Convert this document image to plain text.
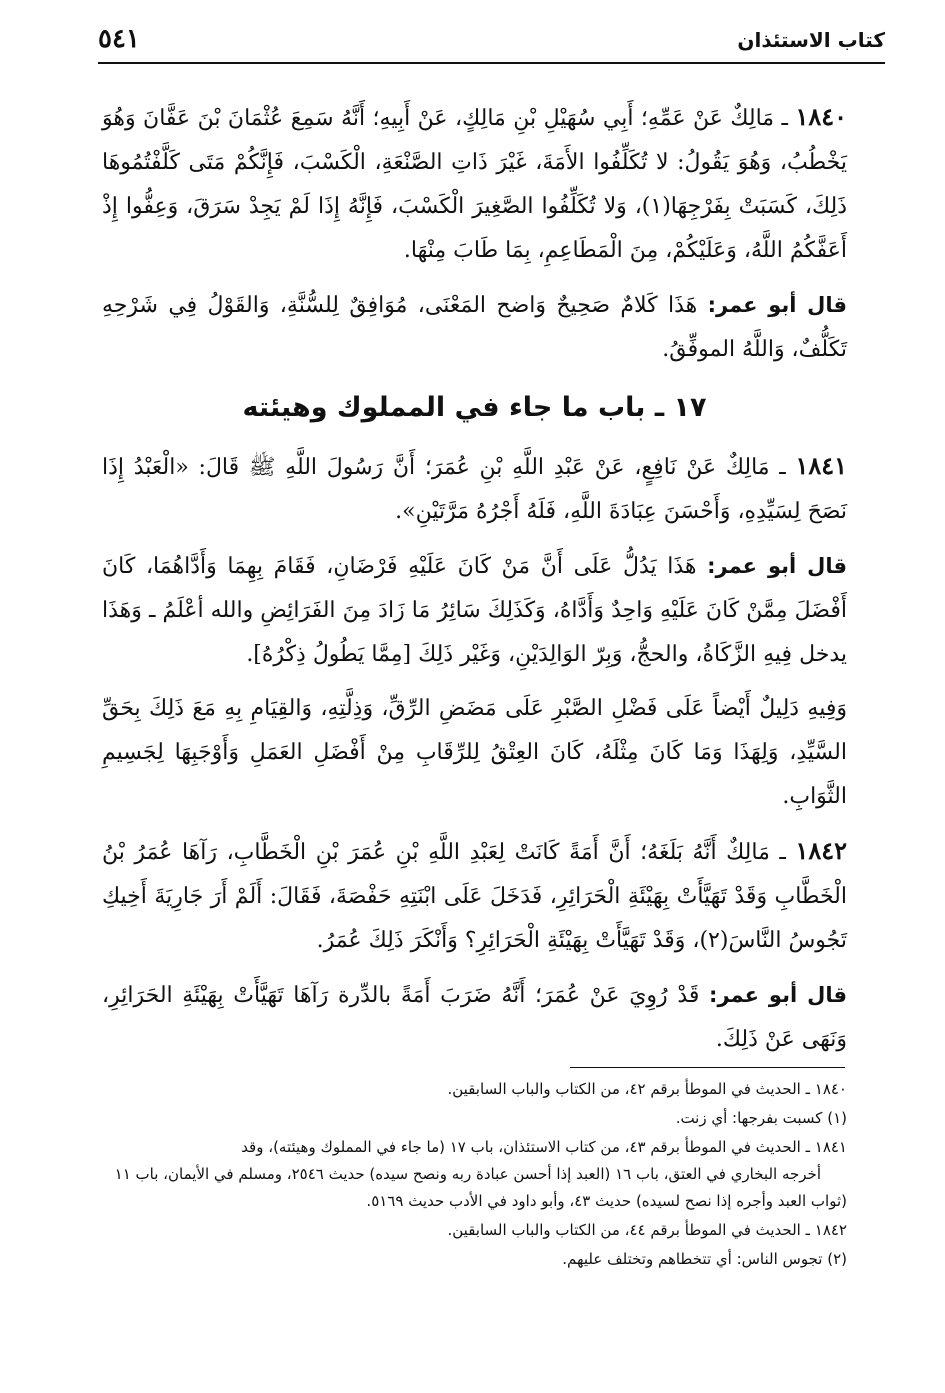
كتاب الاستئذان
٥٤١

١٨٤٠ ـ مَالِكٌ عَنْ عَمِّهِ؛ أَبِي سُهَيْلِ بْنِ مَالِكٍ، عَنْ أَبِيهِ؛ أَنَّهُ سَمِعَ عُثْمَانَ بْنَ عَفَّانَ وَهُوَ يَخْطُبُ، وَهُوَ يَقُولُ: لا تُكَلِّفُوا الأَمَةَ، غَيْرَ ذَاتِ الصَّنْعَةِ، الْكَسْبَ، فَإِنَّكُمْ مَتَى كَلَّفْتُمُوهَا ذَلِكَ، كَسَبَتْ بِفَرْجِهَا(١)، وَلا تُكَلِّفُوا الصَّغِيرَ الْكَسْبَ، فَإِنَّهُ إِذَا لَمْ يَجِدْ سَرَقَ، وَعِفُّوا إِذْ أَعَفَّكُمُ اللَّهُ، وَعَلَيْكُمْ، مِنَ الْمَطَاعِمِ، بِمَا طَابَ مِنْهَا.

قال أبو عمر: هَذَا كَلامٌ صَحِيحٌ وَاضح المَعْنَى، مُوَافِقٌ لِلسُّنَّةِ، وَالقَوْلُ فِي شَرْحِهِ تَكَلُّفٌ، وَاللَّهُ الموفِّقُ.

١٧ ـ باب ما جاء في المملوك وهيئته

١٨٤١ ـ مَالِكٌ عَنْ نَافِعٍ، عَنْ عَبْدِ اللَّهِ بْنِ عُمَرَ؛ أَنَّ رَسُولَ اللَّهِ ﷺ قَالَ: «الْعَبْدُ إِذَا نَصَحَ لِسَيِّدِهِ، وَأَحْسَنَ عِبَادَةَ اللَّهِ، فَلَهُ أَجْرُهُ مَرَّتَيْنِ».

قال أبو عمر: هَذَا يَدُلُّ عَلَى أَنَّ مَنْ كَانَ عَلَيْهِ فَرْضَانِ، فَقَامَ بِهِمَا وَأَدَّاهُمَا، كَانَ أَفْضَلَ مِمَّنْ كَانَ عَلَيْهِ وَاحِدٌ وَأَدَّاهُ، وَكَذَلِكَ سَائِرُ مَا زَادَ مِنَ الفَرَائِضِ والله أعْلَمُ ـ وَهَذَا يدخل فِيهِ الزَّكَاةُ، والحجُّ، وَبِرّ الوَالِدَيْنِ، وَغَيْر ذَلِكَ [مِمَّا يَطُولُ ذِكْرُهُ].

وَفِيهِ دَلِيلٌ أَيْضاً عَلَى فَضْلِ الصَّبْرِ عَلَى مَضَضِ الرِّقِّ، وَذِلَّتِهِ، وَالقِيَامِ بِهِ مَعَ ذَلِكَ بِحَقِّ السَّيِّدِ، وَلِهَذَا وَمَا كَانَ مِثْلَهُ، كَانَ العِتْقُ لِلرِّقَابِ مِنْ أَفْضَلِ العَمَلِ وَأَوْجَبِهَا لِجَسِيمِ الثَّوَابِ.

١٨٤٢ ـ مَالِكٌ أَنَّهُ بَلَغَهُ؛ أَنَّ أَمَةً كَانَتْ لِعَبْدِ اللَّهِ بْنِ عُمَرَ بْنِ الْخَطَّابِ، رَآهَا عُمَرُ بْنُ الْخَطَّابِ وَقَدْ تَهَيَّأَتْ بِهَيْئَةِ الْحَرَائِرِ، فَدَخَلَ عَلَى ابْنَتِهِ حَفْصَةَ، فَقَالَ: أَلَمْ أَرَ جَارِيَةَ أَخِيكِ تَجُوسُ النَّاسَ(٢)، وَقَدْ تَهَيَّأَتْ بِهَيْئَةِ الْحَرَائِرِ؟ وَأَنْكَرَ ذَلِكَ عُمَرُ.

قال أبو عمر: قَدْ رُوِيَ عَنْ عُمَرَ؛ أَنَّهُ ضَرَبَ أَمَةً بالدِّرة رَآهَا تَهَيَّأَتْ بِهَيْئَةِ الحَرَائِرِ، وَنَهَى عَنْ ذَلِكَ.

١٨٤٠ ـ الحديث في الموطأ برقم ٤٢، من الكتاب والباب السابقين.

(١) كسبت بفرجها: أي زنت.

١٨٤١ ـ الحديث في الموطأ برقم ٤٣، من كتاب الاستئذان، باب ١٧ (ما جاء في المملوك وهيئته)، وقد
أخرجه البخاري في العتق، باب ١٦ (العبد إذا أحسن عبادة ربه ونصح سيده) حديث ٢٥٤٦، ومسلم في الأيمان، باب ١١ (ثواب العبد وأجره إذا نصح لسيده) حديث ٤٣، وأبو داود في الأدب حديث ٥١٦٩.

١٨٤٢ ـ الحديث في الموطأ برقم ٤٤، من الكتاب والباب السابقين.

(٢) تجوس الناس: أي تتخطاهم وتختلف عليهم.
